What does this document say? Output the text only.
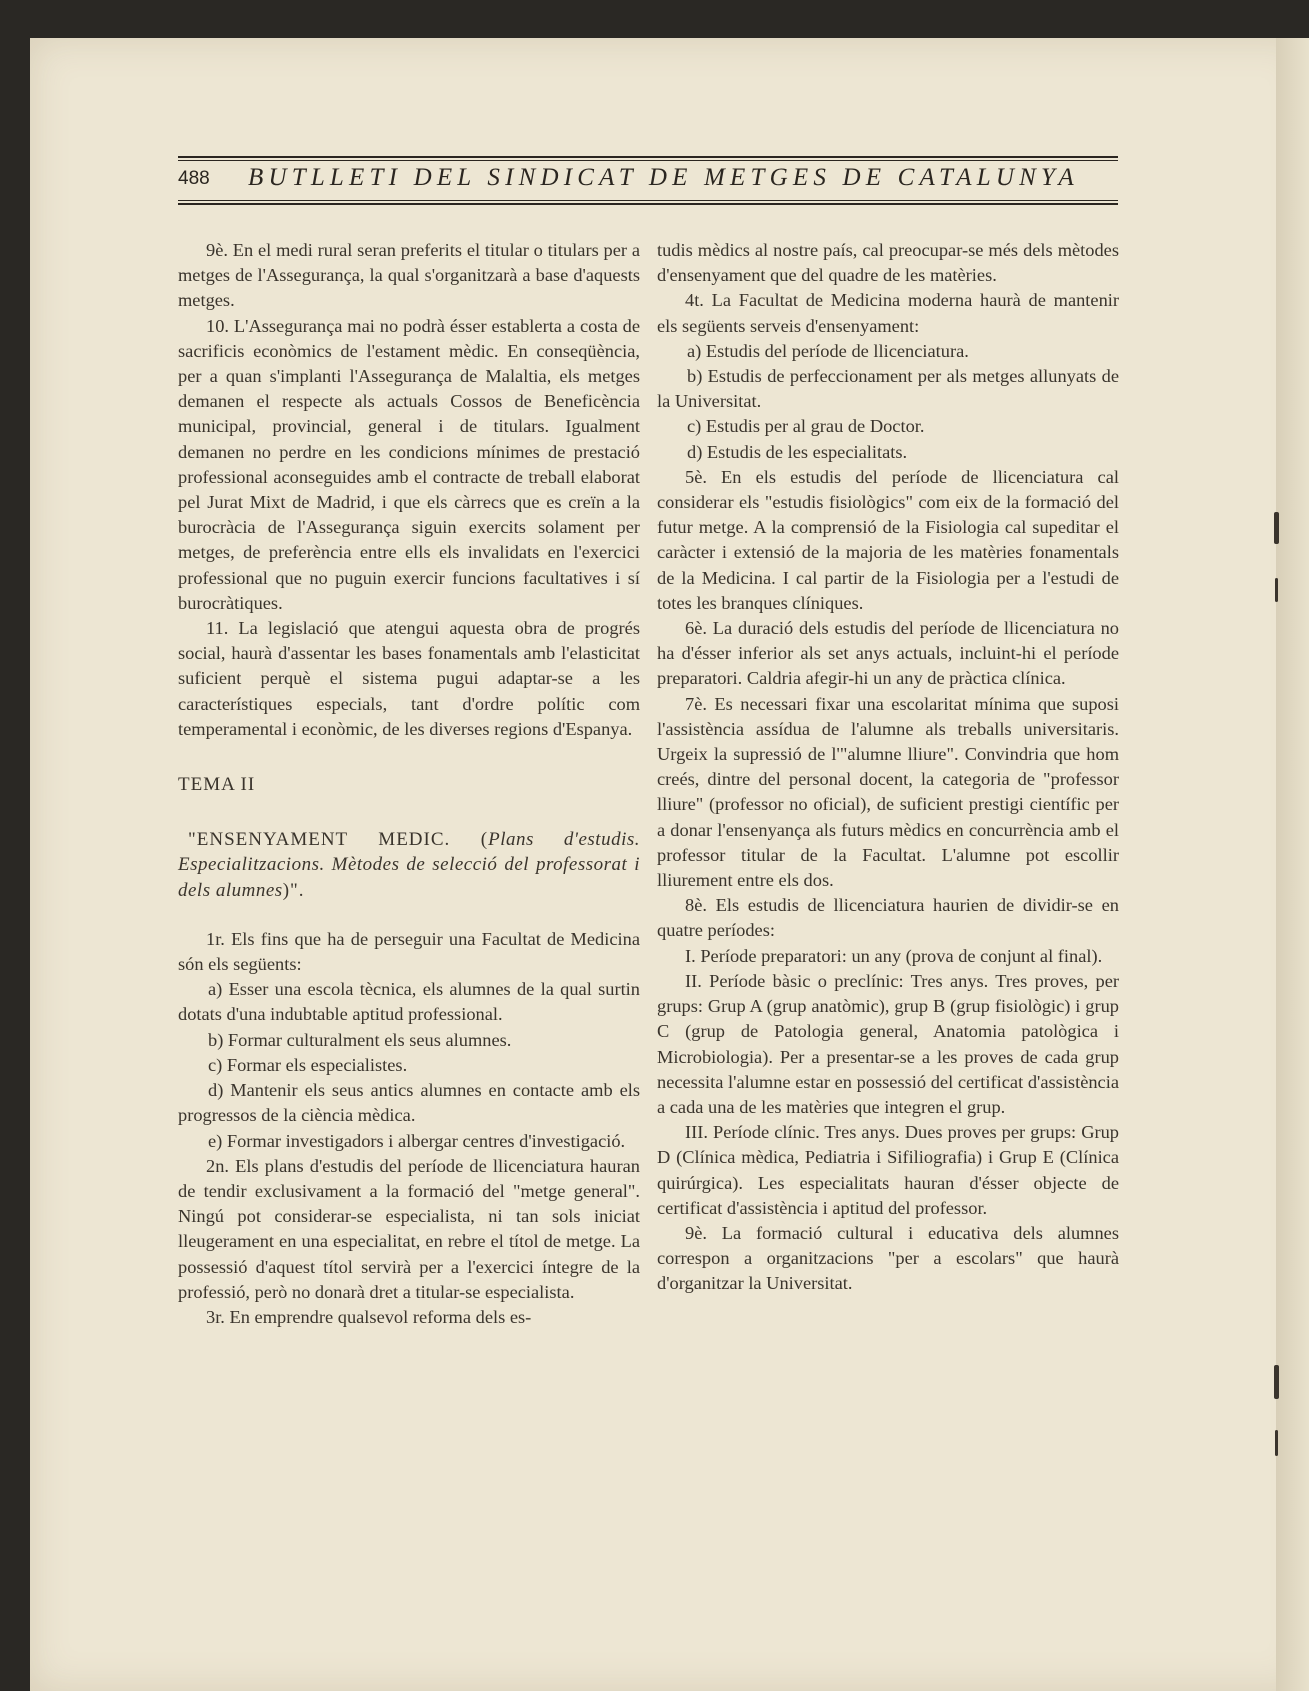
488 BUTLLETI DEL SINDICAT DE METGES DE CATALUNYA

9è. En el medi rural seran preferits el titular o titulars per a metges de l'Assegurança, la qual s'organitzarà a base d'aquests metges.

10. L'Assegurança mai no podrà ésser establerta a costa de sacrificis econòmics de l'estament mèdic. En conseqüència, per a quan s'implanti l'Assegurança de Malaltia, els metges demanen el respecte als actuals Cossos de Beneficència municipal, provincial, general i de titulars. Igualment demanen no perdre en les condicions mínimes de prestació professional aconseguides amb el contracte de treball elaborat pel Jurat Mixt de Madrid, i que els càrrecs que es creïn a la burocràcia de l'Assegurança siguin exercits solament per metges, de preferència entre ells els invalidats en l'exercici professional que no puguin exercir funcions facultatives i sí burocràtiques.

11. La legislació que atengui aquesta obra de progrés social, haurà d'assentar les bases fonamentals amb l'elasticitat suficient perquè el sistema pugui adaptar-se a les característiques especials, tant d'ordre polític com temperamental i econòmic, de les diverses regions d'Espanya.

TEMA II

"ENSENYAMENT MEDIC. (Plans d'estudis. Especialitzacions. Mètodes de selecció del professorat i dels alumnes)".

1r. Els fins que ha de perseguir una Facultat de Medicina són els següents:

a) Esser una escola tècnica, els alumnes de la qual surtin dotats d'una indubtable aptitud professional.

b) Formar culturalment els seus alumnes.

c) Formar els especialistes.

d) Mantenir els seus antics alumnes en contacte amb els progressos de la ciència mèdica.

e) Formar investigadors i albergar centres d'investigació.

2n. Els plans d'estudis del període de llicenciatura hauran de tendir exclusivament a la formació del "metge general". Ningú pot considerar-se especialista, ni tan sols iniciat lleugerament en una especialitat, en rebre el títol de metge. La possessió d'aquest títol servirà per a l'exercici íntegre de la professió, però no donarà dret a titular-se especialista.

3r. En emprendre qualsevol reforma dels es-

tudis mèdics al nostre país, cal preocupar-se més dels mètodes d'ensenyament que del quadre de les matèries.

4t. La Facultat de Medicina moderna haurà de mantenir els següents serveis d'ensenyament:

a) Estudis del període de llicenciatura.

b) Estudis de perfeccionament per als metges allunyats de la Universitat.

c) Estudis per al grau de Doctor.

d) Estudis de les especialitats.

5è. En els estudis del període de llicenciatura cal considerar els "estudis fisiològics" com eix de la formació del futur metge. A la comprensió de la Fisiologia cal supeditar el caràcter i extensió de la majoria de les matèries fonamentals de la Medicina. I cal partir de la Fisiologia per a l'estudi de totes les branques clíniques.

6è. La duració dels estudis del període de llicenciatura no ha d'ésser inferior als set anys actuals, incluint-hi el període preparatori. Caldria afegir-hi un any de pràctica clínica.

7è. Es necessari fixar una escolaritat mínima que suposi l'assistència assídua de l'alumne als treballs universitaris. Urgeix la supressió de l'"alumne lliure". Convindria que hom creés, dintre del personal docent, la categoria de "professor lliure" (professor no oficial), de suficient prestigi científic per a donar l'ensenyança als futurs mèdics en concurrència amb el professor titular de la Facultat. L'alumne pot escollir lliurement entre els dos.

8è. Els estudis de llicenciatura haurien de dividir-se en quatre períodes:

I. Període preparatori: un any (prova de conjunt al final).

II. Període bàsic o preclínic: Tres anys. Tres proves, per grups: Grup A (grup anatòmic), grup B (grup fisiològic) i grup C (grup de Patologia general, Anatomia patològica i Microbiologia). Per a presentar-se a les proves de cada grup necessita l'alumne estar en possessió del certificat d'assistència a cada una de les matèries que integren el grup.

III. Període clínic. Tres anys. Dues proves per grups: Grup D (Clínica mèdica, Pediatria i Sifiliografia) i Grup E (Clínica quirúrgica). Les especialitats hauran d'ésser objecte de certificat d'assistència i aptitud del professor.

9è. La formació cultural i educativa dels alumnes correspon a organitzacions "per a escolars" que haurà d'organitzar la Universitat.
